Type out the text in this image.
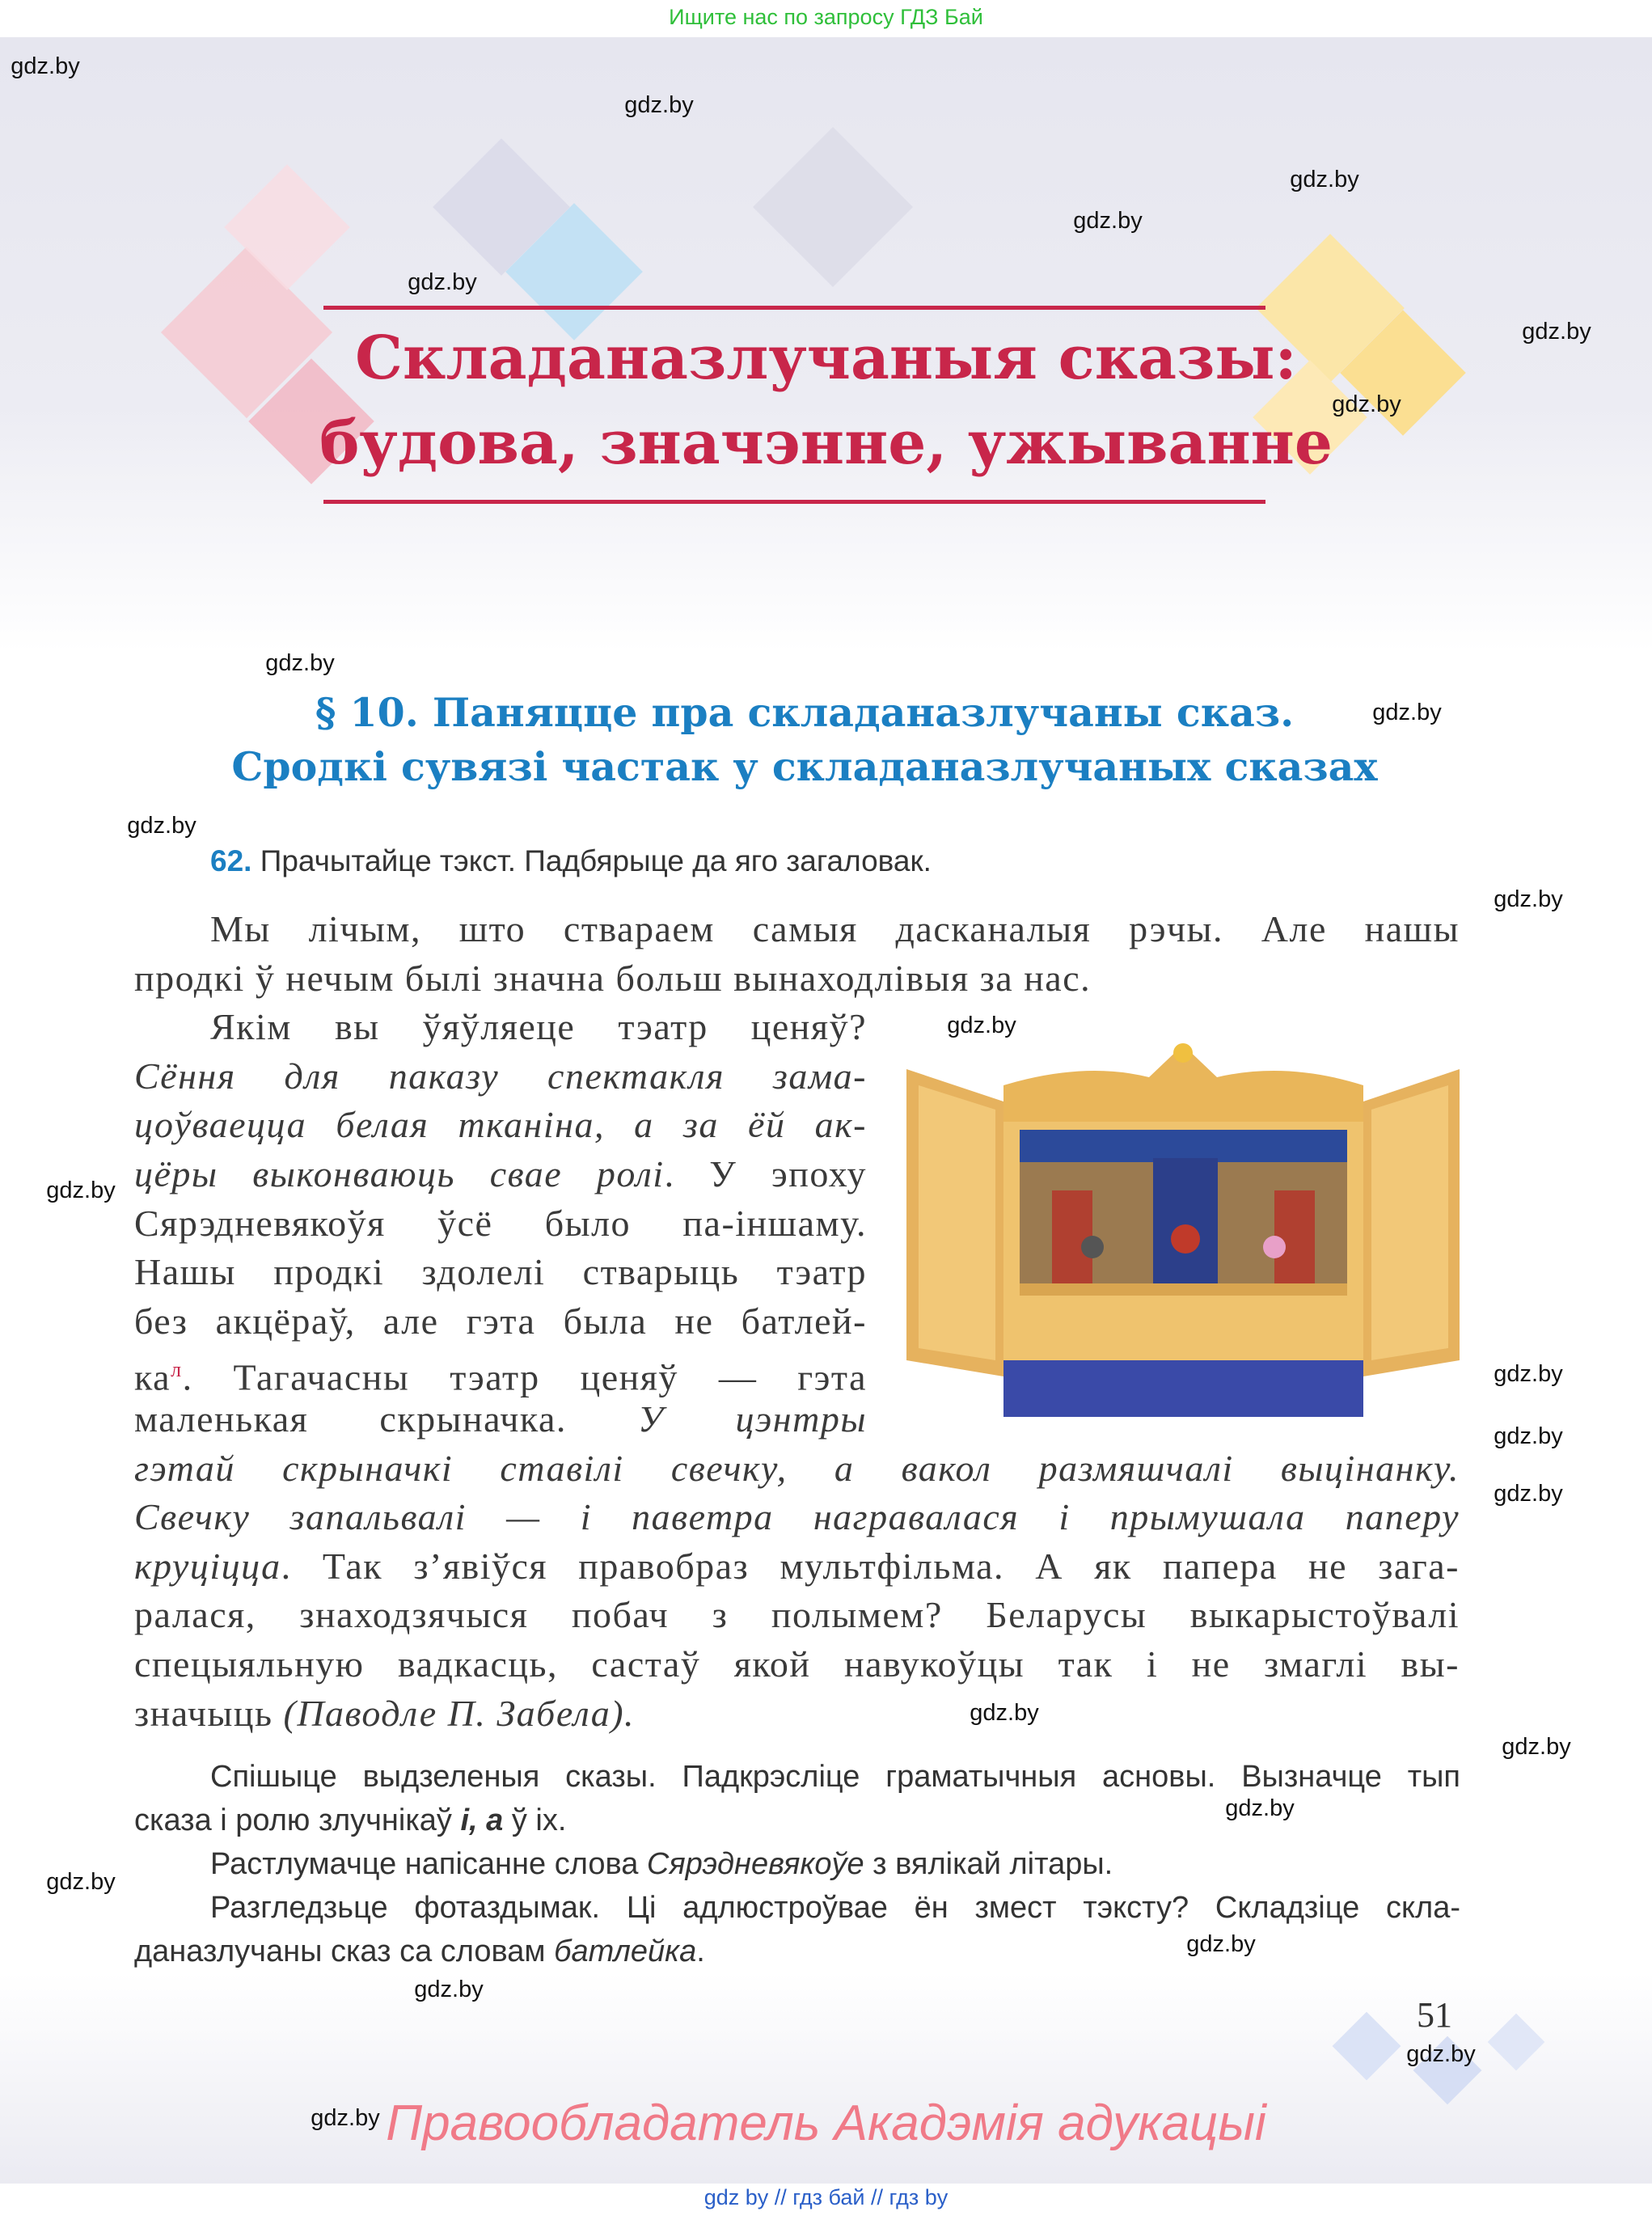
Ищите нас по запросу ГДЗ Бай
Складаназлучаныя сказы:
будова, значэнне, ужыванне
§ 10. Паняцце пра складаназлучаны сказ.
Сродкі сувязі частак у складаназлучаных сказах
62. Прачытайце тэкст. Падбярыце да яго загаловак.
Мы лічым, што ствараем самыя дасканалыя рэчы. Але нашы
продкі ў нечым былі значна больш вынаходлівыя за нас.
Якім вы ўяўляеце тэатр ценяў?
Сёння для паказу спектакля зама-
цоўваецца белая тканіна, а за ёй ак-
цёры выконваюць свае ролі. У эпоху
Сярэдневякоўя ўсё было па-іншаму.
Нашы продкі здолелі стварыць тэатр
без акцёраў, але гэта была не батлей-
$ка^л$. Тагачасны тэатр ценяў — гэта
маленькая скрыначка. У цэнтры
гэтай скрыначкі ставілі свечку, а вакол размяшчалі выцінанку.
Свечку запальвалі — і паветра награвалася і прымушала паперу
круціцца. Так з’явіўся правобраз мультфільма. А як папера не зага-
ралася, знаходзячыся побач з полымем? Беларусы выкарыстоўвалі
спецыяльную вадкасць, састаў якой навукоўцы так і не змаглі вы-
значыць (Паводле П. Забела).
Спішыце выдзеленыя сказы. Падкрэсліце граматычныя асновы. Вызначце тып
сказа і ролю злучнікаў і, а ў іх.
Растлумачце напісанне слова Сярэдневякоўе з вялікай літары.
Разгледзьце фотаздымак. Ці адлюстроўвае ён змест тэксту? Складзіце скла-
даназлучаны сказ са словам батлейка.
51
Правообладатель Акадэмія адукацыі
gdz by // гдз бай // гдз by
gdz.by
gdz.by
gdz.by
gdz.by
gdz.by
gdz.by
gdz.by
gdz.by
gdz.by
gdz.by
gdz.by
gdz.by
gdz.by
gdz.by
gdz.by
gdz.by
gdz.by
gdz.by
gdz.by
gdz.by
gdz.by
gdz.by
gdz.by
gdz.by
